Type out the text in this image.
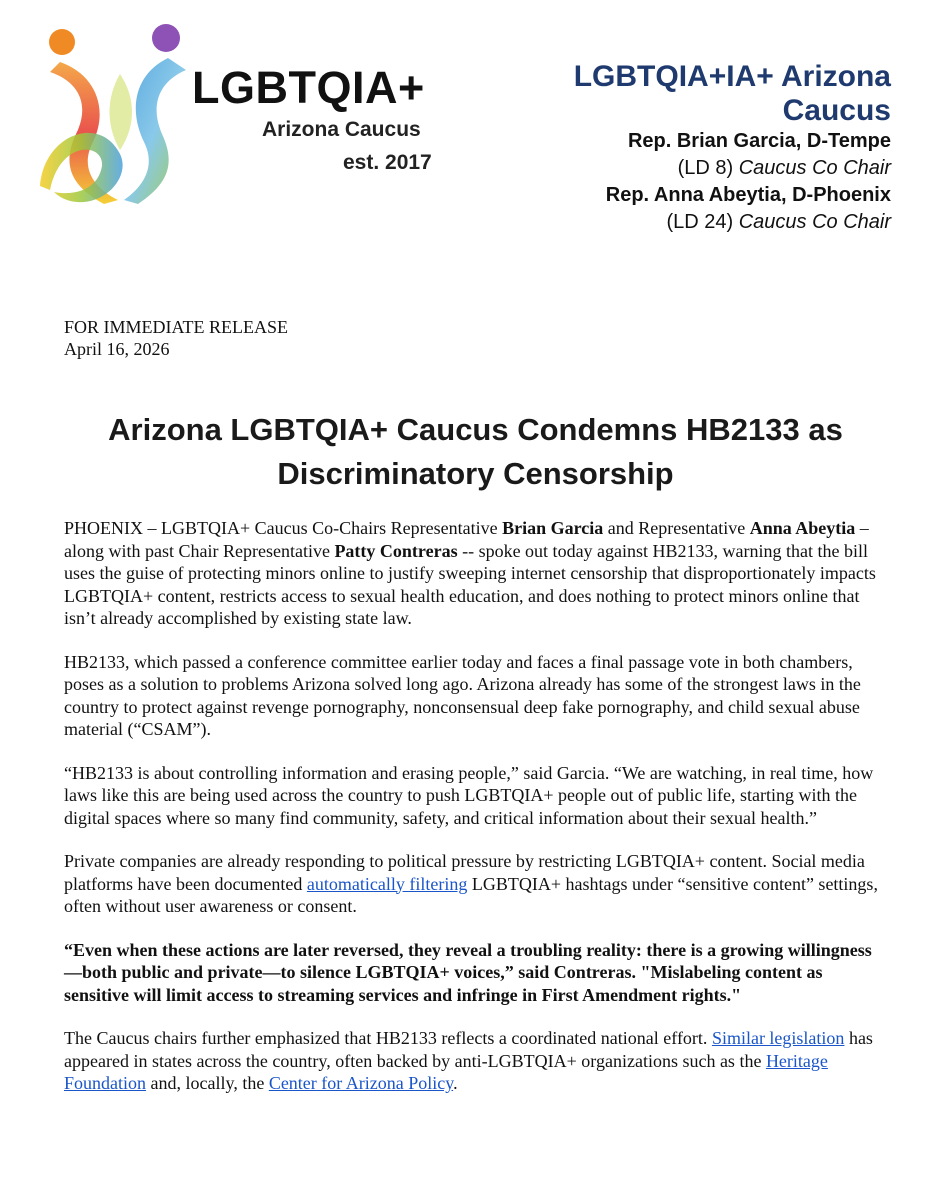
LGBTQIA+
Arizona Caucus
est. 2017
LGBTQIA+IA+ Arizona Caucus
Rep. Brian Garcia, D-Tempe
(LD 8) Caucus Co Chair
Rep. Anna Abeytia, D-Phoenix
(LD 24) Caucus Co Chair
FOR IMMEDIATE RELEASE
April 16, 2026
Arizona LGBTQIA+ Caucus Condemns HB2133 as Discriminatory Censorship

PHOENIX – LGBTQIA+ Caucus Co-Chairs Representative Brian Garcia and Representative Anna Abeytia – along with past Chair Representative Patty Contreras -- spoke out today against HB2133, warning that the bill uses the guise of protecting minors online to justify sweeping internet censorship that disproportionately impacts LGBTQIA+ content, restricts access to sexual health education, and does nothing to protect minors online that isn’t already accomplished by existing state law.

HB2133, which passed a conference committee earlier today and faces a final passage vote in both chambers, poses as a solution to problems Arizona solved long ago. Arizona already has some of the strongest laws in the country to protect against revenge pornography, nonconsensual deep fake pornography, and child sexual abuse material (“CSAM”).

“HB2133 is about controlling information and erasing people,” said Garcia. “We are watching, in real time, how laws like this are being used across the country to push LGBTQIA+ people out of public life, starting with the digital spaces where so many find community, safety, and critical information about their sexual health.”

Private companies are already responding to political pressure by restricting LGBTQIA+ content. Social media platforms have been documented automatically filtering LGBTQIA+ hashtags under “sensitive content” settings, often without user awareness or consent.

“Even when these actions are later reversed, they reveal a troubling reality: there is a growing willingness—both public and private—to silence LGBTQIA+ voices,” said Contreras. "Mislabeling content as sensitive will limit access to streaming services and infringe in First Amendment rights."

The Caucus chairs further emphasized that HB2133 reflects a coordinated national effort. Similar legislation has appeared in states across the country, often backed by anti-LGBTQIA+ organizations such as the Heritage Foundation and, locally, the Center for Arizona Policy.
